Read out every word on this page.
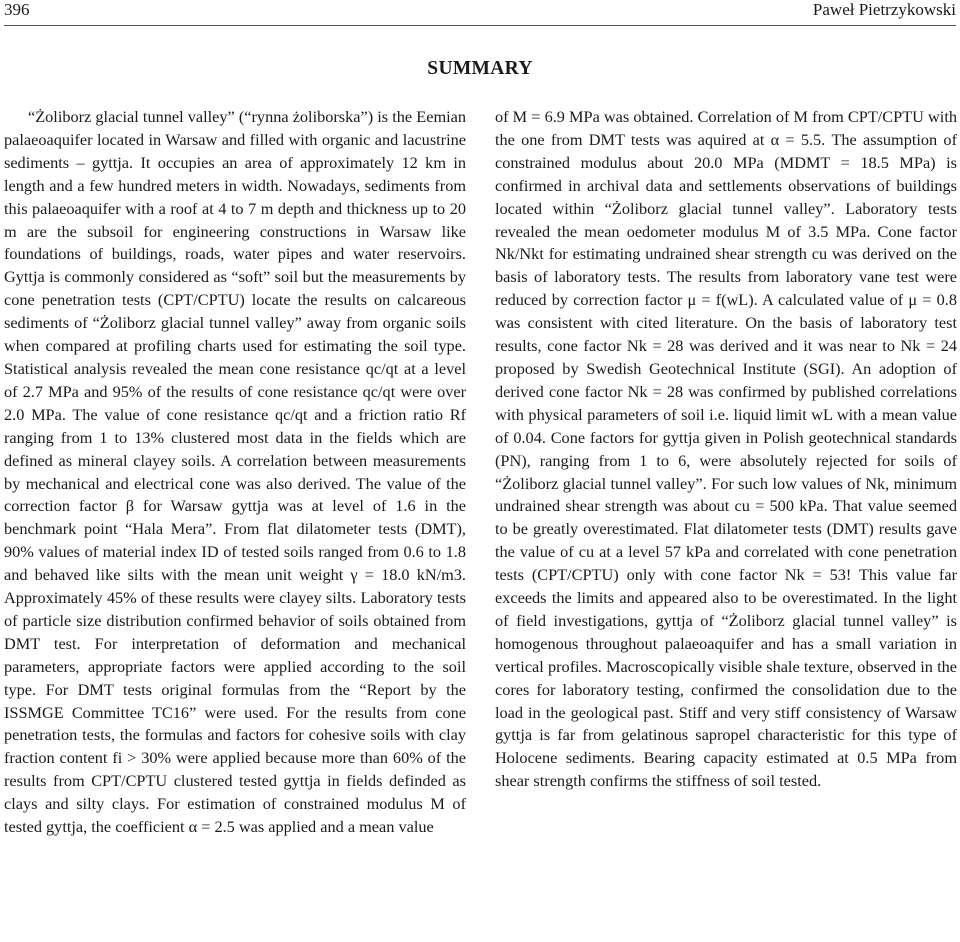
396	Paweł Pietrzykowski
SUMMARY
“Żoliborz glacial tunnel valley” (“rynna żoliborska”) is the Eemian palaeoaquifer located in Warsaw and filled with organic and lacustrine sediments – gyttja. It occupies an area of approximately 12 km in length and a few hundred meters in width. Nowadays, sediments from this palaeoaquifer with a roof at 4 to 7 m depth and thickness up to 20 m are the subsoil for engineering constructions in Warsaw like foundations of buildings, roads, water pipes and water reservoirs. Gyttja is commonly considered as “soft” soil but the measurements by cone penetration tests (CPT/CPTU) locate the results on calcareous sediments of “Żoliborz glacial tunnel valley” away from organic soils when compared at profiling charts used for estimating the soil type. Statistical analysis revealed the mean cone resistance qc/qt at a level of 2.7 MPa and 95% of the results of cone resistance qc/qt were over 2.0 MPa. The value of cone resistance qc/qt and a friction ratio Rf ranging from 1 to 13% clustered most data in the fields which are defined as mineral clayey soils. A correlation between measurements by mechanical and electrical cone was also derived. The value of the correction factor β for Warsaw gyttja was at level of 1.6 in the benchmark point “Hala Mera”. From flat dilatometer tests (DMT), 90% values of material index ID of tested soils ranged from 0.6 to 1.8 and behaved like silts with the mean unit weight γ = 18.0 kN/m3. Approximately 45% of these results were clayey silts. Laboratory tests of particle size distribution confirmed behavior of soils obtained from DMT test. For interpretation of deformation and mechanical parameters, appropriate factors were applied according to the soil type. For DMT tests original formulas from the “Report by the ISSMGE Committee TC16” were used. For the results from cone penetration tests, the formulas and factors for cohesive soils with clay fraction content fi > 30% were applied because more than 60% of the results from CPT/CPTU clustered tested gyttja in fields definded as clays and silty clays. For estimation of constrained modulus M of tested gyttja, the coefficient α = 2.5 was applied and a mean value
of M = 6.9 MPa was obtained. Correlation of M from CPT/CPTU with the one from DMT tests was aquired at α = 5.5. The assumption of constrained modulus about 20.0 MPa (MDMT = 18.5 MPa) is confirmed in archival data and settlements observations of buildings located within “Żoliborz glacial tunnel valley”. Laboratory tests revealed the mean oedometer modulus M of 3.5 MPa. Cone factor Nk/Nkt for estimating undrained shear strength cu was derived on the basis of laboratory tests. The results from laboratory vane test were reduced by correction factor μ = f(wL). A calculated value of μ = 0.8 was consistent with cited literature. On the basis of laboratory test results, cone factor Nk = 28 was derived and it was near to Nk = 24 proposed by Swedish Geotechnical Institute (SGI). An adoption of derived cone factor Nk = 28 was confirmed by published correlations with physical parameters of soil i.e. liquid limit wL with a mean value of 0.04. Cone factors for gyttja given in Polish geotechnical standards (PN), ranging from 1 to 6, were absolutely rejected for soils of “Żoliborz glacial tunnel valley”. For such low values of Nk, minimum undrained shear strength was about cu = 500 kPa. That value seemed to be greatly overestimated. Flat dilatometer tests (DMT) results gave the value of cu at a level 57 kPa and correlated with cone penetration tests (CPT/CPTU) only with cone factor Nk = 53! This value far exceeds the limits and appeared also to be overestimated. In the light of field investigations, gyttja of “Żoliborz glacial tunnel valley” is homogenous throughout palaeoaquifer and has a small variation in vertical profiles. Macroscopically visible shale texture, observed in the cores for laboratory testing, confirmed the consolidation due to the load in the geological past. Stiff and very stiff consistency of Warsaw gyttja is far from gelatinous sapropel characteristic for this type of Holocene sediments. Bearing capacity estimated at 0.5 MPa from shear strength confirms the stiffness of soil tested.
